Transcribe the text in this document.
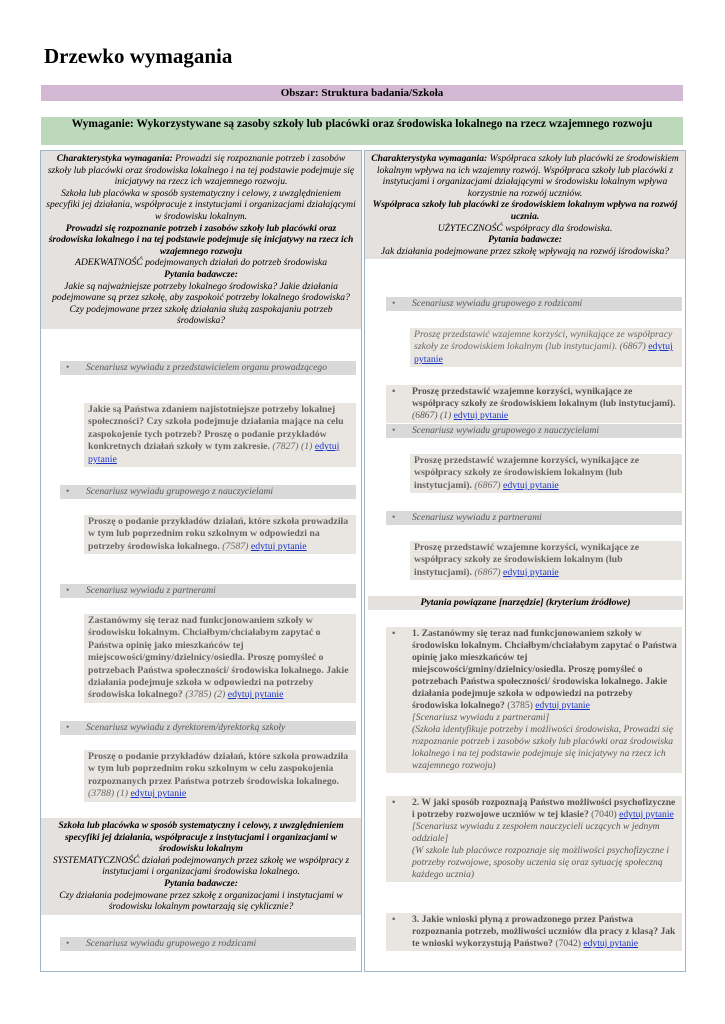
Drzewko wymagania
Obszar: Struktura badania/Szkoła
Wymaganie: Wykorzystywane są zasoby szkoły lub placówki oraz środowiska lokalnego na rzecz wzajemnego rozwoju
Charakterystyka wymagania: Prowadzi się rozpoznanie potrzeb i zasobów szkoły lub placówki oraz środowiska lokalnego i na tej podstawie podejmuje się inicjatywy na rzecz ich wzajemnego rozwoju.
Szkoła lub placówka w sposób systematyczny i celowy, z uwzględnieniem specyfiki jej działania, współpracuje z instytucjami i organizacjami działającymi w środowisku lokalnym.
Prowadzi się rozpoznanie potrzeb i zasobów szkoły lub placówki oraz środowiska lokalnego i na tej podstawie podejmuje się inicjatywy na rzecz ich wzajemnego rozwoju
ADEKWATNOŚĆ podejmowanych działań do potrzeb środowiska
Pytania badawcze:
Jakie są najważniejsze potrzeby lokalnego środowiska? Jakie działania podejmowane są przez szkołę, aby zaspokoić potrzeby lokalnego środowiska? Czy podejmowane przez szkołę działania służą zaspokajaniu potrzeb środowiska?
• Scenariusz wywiadu z przedstawicielem organu prowadzącego
Jakie są Państwa zdaniem najistotniejsze potrzeby lokalnej społeczności? Czy szkoła podejmuje działania mające na celu zaspokojenie tych potrzeb? Proszę o podanie przykładów konkretnych działań szkoły w tym zakresie. (7827) (1) edytuj pytanie
• Scenariusz wywiadu grupowego z nauczycielami
Proszę o podanie przykładów działań, które szkoła prowadziła w tym lub poprzednim roku szkolnym w odpowiedzi na potrzeby środowiska lokalnego. (7587) edytuj pytanie
• Scenariusz wywiadu z partnerami
Zastanówmy się teraz nad funkcjonowaniem szkoły w środowisku lokalnym. Chciałbym/chciałabym zapytać o Państwa opinię jako mieszkańców tej miejscowości/gminy/dzielnicy/osiedla. Proszę pomyśleć o potrzebach Państwa społeczności/ środowiska lokalnego. Jakie działania podejmuje szkoła w odpowiedzi na potrzeby środowiska lokalnego? (3785) (2) edytuj pytanie
• Scenariusz wywiadu z dyrektorem/dyrektorką szkoły
Proszę o podanie przykładów działań, które szkoła prowadziła w tym lub poprzednim roku szkolnym w celu zaspokojenia rozpoznanych przez Państwa potrzeb środowiska lokalnego. (3788) (1) edytuj pytanie
Szkoła lub placówka w sposób systematyczny i celowy, z uwzględnieniem specyfiki jej działania, współpracuje z instytucjami i organizacjami w środowisku lokalnym
SYSTEMATYCZNOŚĆ działań podejmowanych przez szkołę we współpracy z instytucjami i organizacjami środowiska lokalnego.
Pytania badawcze:
Czy działania podejmowane przez szkołę z organizacjami i instytucjami w środowisku lokalnym powtarzają się cyklicznie?
• Scenariusz wywiadu grupowego z rodzicami
Charakterystyka wymagania: Współpraca szkoły lub placówki ze środowiskiem lokalnym wpływa na ich wzajemny rozwój. Współpraca szkoły lub placówki z instytucjami i organizacjami działającymi w środowisku lokalnym wpływa korzystnie na rozwój uczniów.
Współpraca szkoły lub placówki ze środowiskiem lokalnym wpływa na rozwój ucznia.
UŻYTECZNOŚĆ współpracy dla środowiska.
Pytania badawcze:
Jak działania podejmowane przez szkołę wpływają na rozwój iśrodowiska?
• Scenariusz wywiadu grupowego z rodzicami
Proszę przedstawić wzajemne korzyści, wynikające ze współpracy szkoły ze środowiskiem lokalnym (lub instytucjami). (6867) edytuj pytanie
• Proszę przedstawić wzajemne korzyści, wynikające ze współpracy szkoły ze środowiskiem lokalnym (lub instytucjami). (6867) (1) edytuj pytanie
• Scenariusz wywiadu grupowego z nauczycielami
Proszę przedstawić wzajemne korzyści, wynikające ze współpracy szkoły ze środowiskiem lokalnym (lub instytucjami). (6867) edytuj pytanie
• Scenariusz wywiadu z partnerami
Proszę przedstawić wzajemne korzyści, wynikające ze współpracy szkoły ze środowiskiem lokalnym (lub instytucjami). (6867) edytuj pytanie
Pytania powiązane [narzędzie] (kryterium źródłowe)
• 1. Zastanówmy się teraz nad funkcjonowaniem szkoły w środowisku lokalnym. Chciałbym/chciałabym zapytać o Państwa opinię jako mieszkańców tej miejscowości/gminy/dzielnicy/osiedla. Proszę pomyśleć o potrzebach Państwa społeczności/ środowiska lokalnego. Jakie działania podejmuje szkoła w odpowiedzi na potrzeby środowiska lokalnego? (3785) edytuj pytanie
[Scenariusz wywiadu z partnerami]
(Szkoła identyfikuje potrzeby i możliwości środowiska, Prowadzi się rozpoznanie potrzeb i zasobów szkoły lub placówki oraz środowiska lokalnego i na tej podstawie podejmuje się inicjatywy na rzecz ich wzajemnego rozwoju)
• 2. W jaki sposób rozpoznają Państwo możliwości psychofizyczne i potrzeby rozwojowe uczniów w tej klasie? (7040) edytuj pytanie
[Scenariusz wywiadu z zespołem nauczycieli uczących w jednym oddziale]
(W szkole lub placówce rozpoznaje się możliwości psychofizyczne i potrzeby rozwojowe, sposoby uczenia się oraz sytuację społeczną każdego ucznia)
• 3. Jakie wnioski płyną z prowadzonego przez Państwa rozpoznania potrzeb, możliwości uczniów dla pracy z klasą? Jak te wnioski wykorzystują Państwo? (7042) edytuj pytanie
